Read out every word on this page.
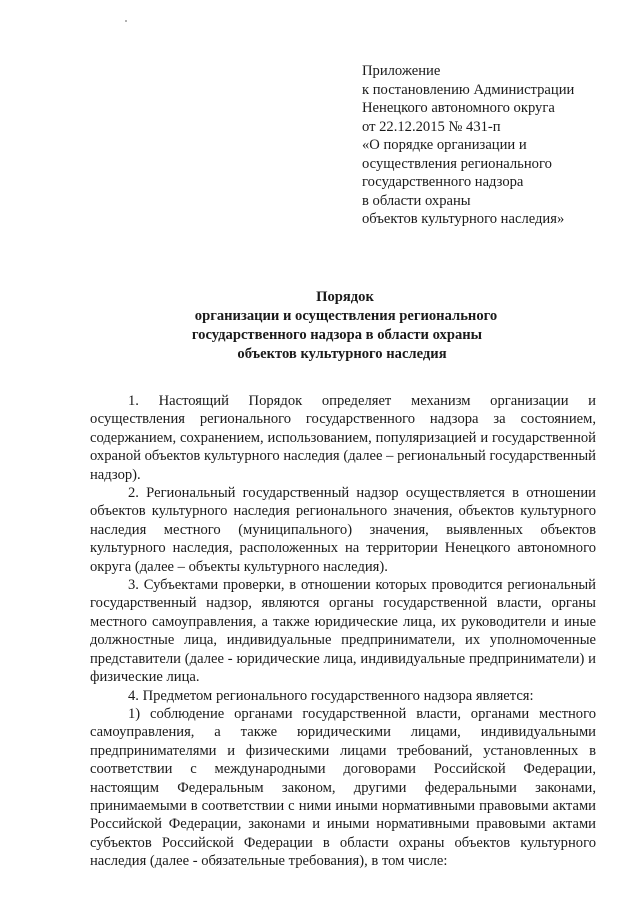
Приложение
к постановлению Администрации
Ненецкого автономного округа
от 22.12.2015 № 431-п
«О порядке организации и
осуществления регионального
государственного надзора
в области охраны
объектов культурного наследия»
Порядок
организации и осуществления регионального
государственного надзора в области охраны
объектов культурного наследия

1. Настоящий Порядок определяет механизм организации и осуществления регионального государственного надзора за состоянием, содержанием, сохранением, использованием, популяризацией и государственной охраной объектов культурного наследия (далее – региональный государственный надзор).

2. Региональный государственный надзор осуществляется в отношении объектов культурного наследия регионального значения, объектов культурного наследия местного (муниципального) значения, выявленных объектов культурного наследия, расположенных на территории Ненецкого автономного округа (далее – объекты культурного наследия).

3. Субъектами проверки, в отношении которых проводится региональный государственный надзор, являются органы государственной власти, органы местного самоуправления, а также юридические лица, их руководители и иные должностные лица, индивидуальные предприниматели, их уполномоченные представители (далее - юридические лица, индивидуальные предприниматели) и физические лица.

4. Предметом регионального государственного надзора является:

1) соблюдение органами государственной власти, органами местного самоуправления, а также юридическими лицами, индивидуальными предпринимателями и физическими лицами требований, установленных в соответствии с международными договорами Российской Федерации, настоящим Федеральным законом, другими федеральными законами, принимаемыми в соответствии с ними иными нормативными правовыми актами Российской Федерации, законами и иными нормативными правовыми актами субъектов Российской Федерации в области охраны объектов культурного наследия (далее - обязательные требования), в том числе:
